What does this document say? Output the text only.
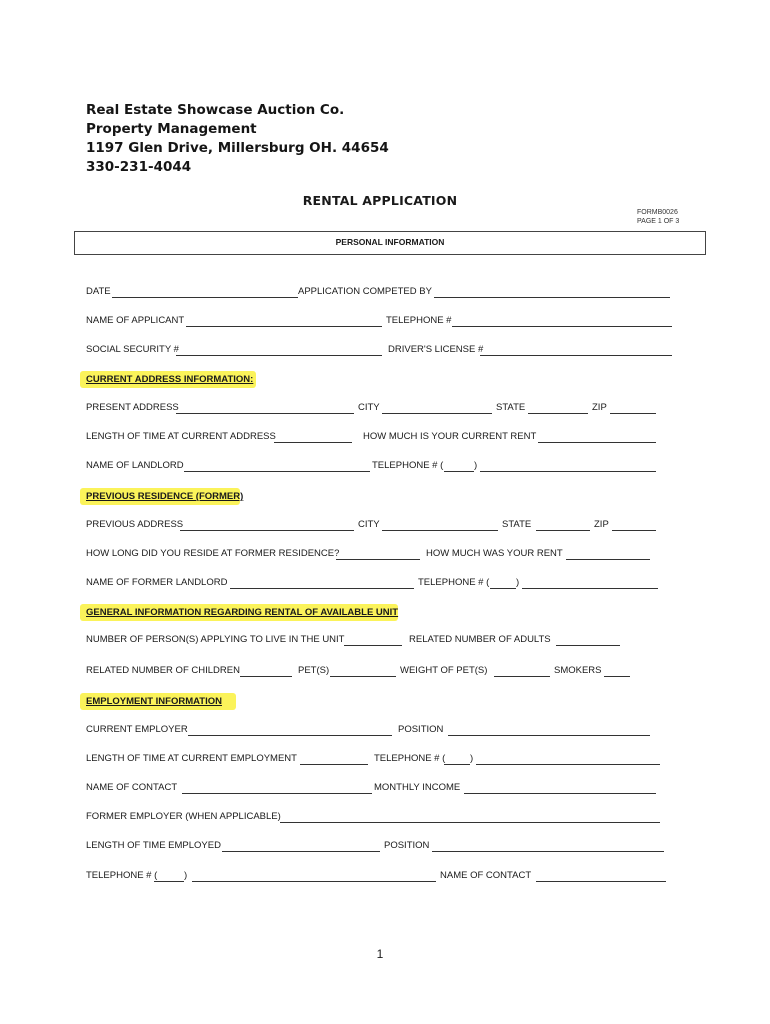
Real Estate Showcase Auction Co.
Property Management
1197 Glen Drive, Millersburg OH. 44654
330-231-4044
RENTAL APPLICATION
FORMB0026
PAGE 1 OF 3
PERSONAL INFORMATION
DATE	APPLICATION COMPETED BY
NAME OF APPLICANT	TELEPHONE #
SOCIAL SECURITY #	DRIVER'S LICENSE #
CURRENT ADDRESS INFORMATION:
PRESENT ADDRESS	CITY	STATE	ZIP
LENGTH OF TIME AT CURRENT ADDRESS	HOW MUCH IS YOUR CURRENT RENT
NAME OF LANDLORD	TELEPHONE # (	)
PREVIOUS RESIDENCE (FORMER)
PREVIOUS ADDRESS	CITY	STATE	ZIP
HOW LONG DID YOU RESIDE AT FORMER RESIDENCE?	HOW MUCH WAS YOUR RENT
NAME OF FORMER LANDLORD	TELEPHONE # (	)
GENERAL INFORMATION REGARDING RENTAL OF AVAILABLE UNIT
NUMBER OF PERSON(S) APPLYING TO LIVE IN THE UNIT	RELATED NUMBER OF ADULTS
RELATED NUMBER OF CHILDREN	PET(S)	WEIGHT OF PET(S)	SMOKERS
EMPLOYMENT INFORMATION
CURRENT EMPLOYER	POSITION
LENGTH OF TIME AT CURRENT EMPLOYMENT	TELEPHONE # (	)
NAME OF CONTACT	MONTHLY INCOME
FORMER EMPLOYER (WHEN APPLICABLE)
LENGTH OF TIME EMPLOYED	POSITION
TELEPHONE # (	)	NAME OF CONTACT
1
